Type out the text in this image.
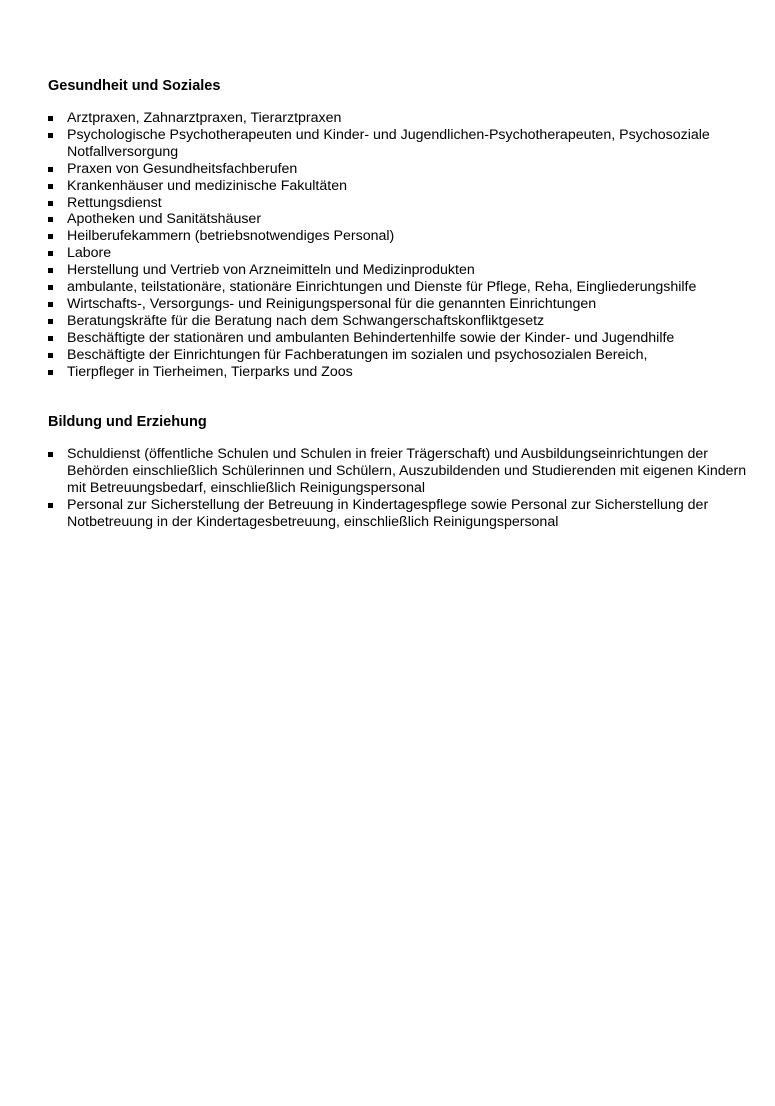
Gesundheit und Soziales
Arztpraxen, Zahnarztpraxen, Tierarztpraxen
Psychologische Psychotherapeuten und Kinder- und Jugendlichen-Psychotherapeuten, Psychosoziale Notfallversorgung
Praxen von Gesundheitsfachberufen
Krankenhäuser und medizinische Fakultäten
Rettungsdienst
Apotheken und Sanitätshäuser
Heilberufekammern (betriebsnotwendiges Personal)
Labore
Herstellung und Vertrieb von Arzneimitteln und Medizinprodukten
ambulante, teilstationäre, stationäre Einrichtungen und Dienste für Pflege, Reha, Eingliederungshilfe
Wirtschafts-, Versorgungs- und Reinigungspersonal für die genannten Einrichtungen
Beratungskräfte für die Beratung nach dem Schwangerschaftskonfliktgesetz
Beschäftigte der stationären und ambulanten Behindertenhilfe sowie der Kinder- und Jugendhilfe
Beschäftigte der Einrichtungen für Fachberatungen im sozialen und psychosozialen Bereich,
Tierpfleger in Tierheimen, Tierparks und Zoos
Bildung und Erziehung
Schuldienst (öffentliche Schulen und Schulen in freier Trägerschaft) und Ausbildungseinrichtungen der Behörden einschließlich Schülerinnen und Schülern, Auszubildenden und Studierenden mit eigenen Kindern mit Betreuungsbedarf, einschließlich Reinigungspersonal
Personal zur Sicherstellung der Betreuung in Kindertagespflege sowie Personal zur Sicherstellung der Notbetreuung in der Kindertagesbetreuung, einschließlich Reinigungspersonal
